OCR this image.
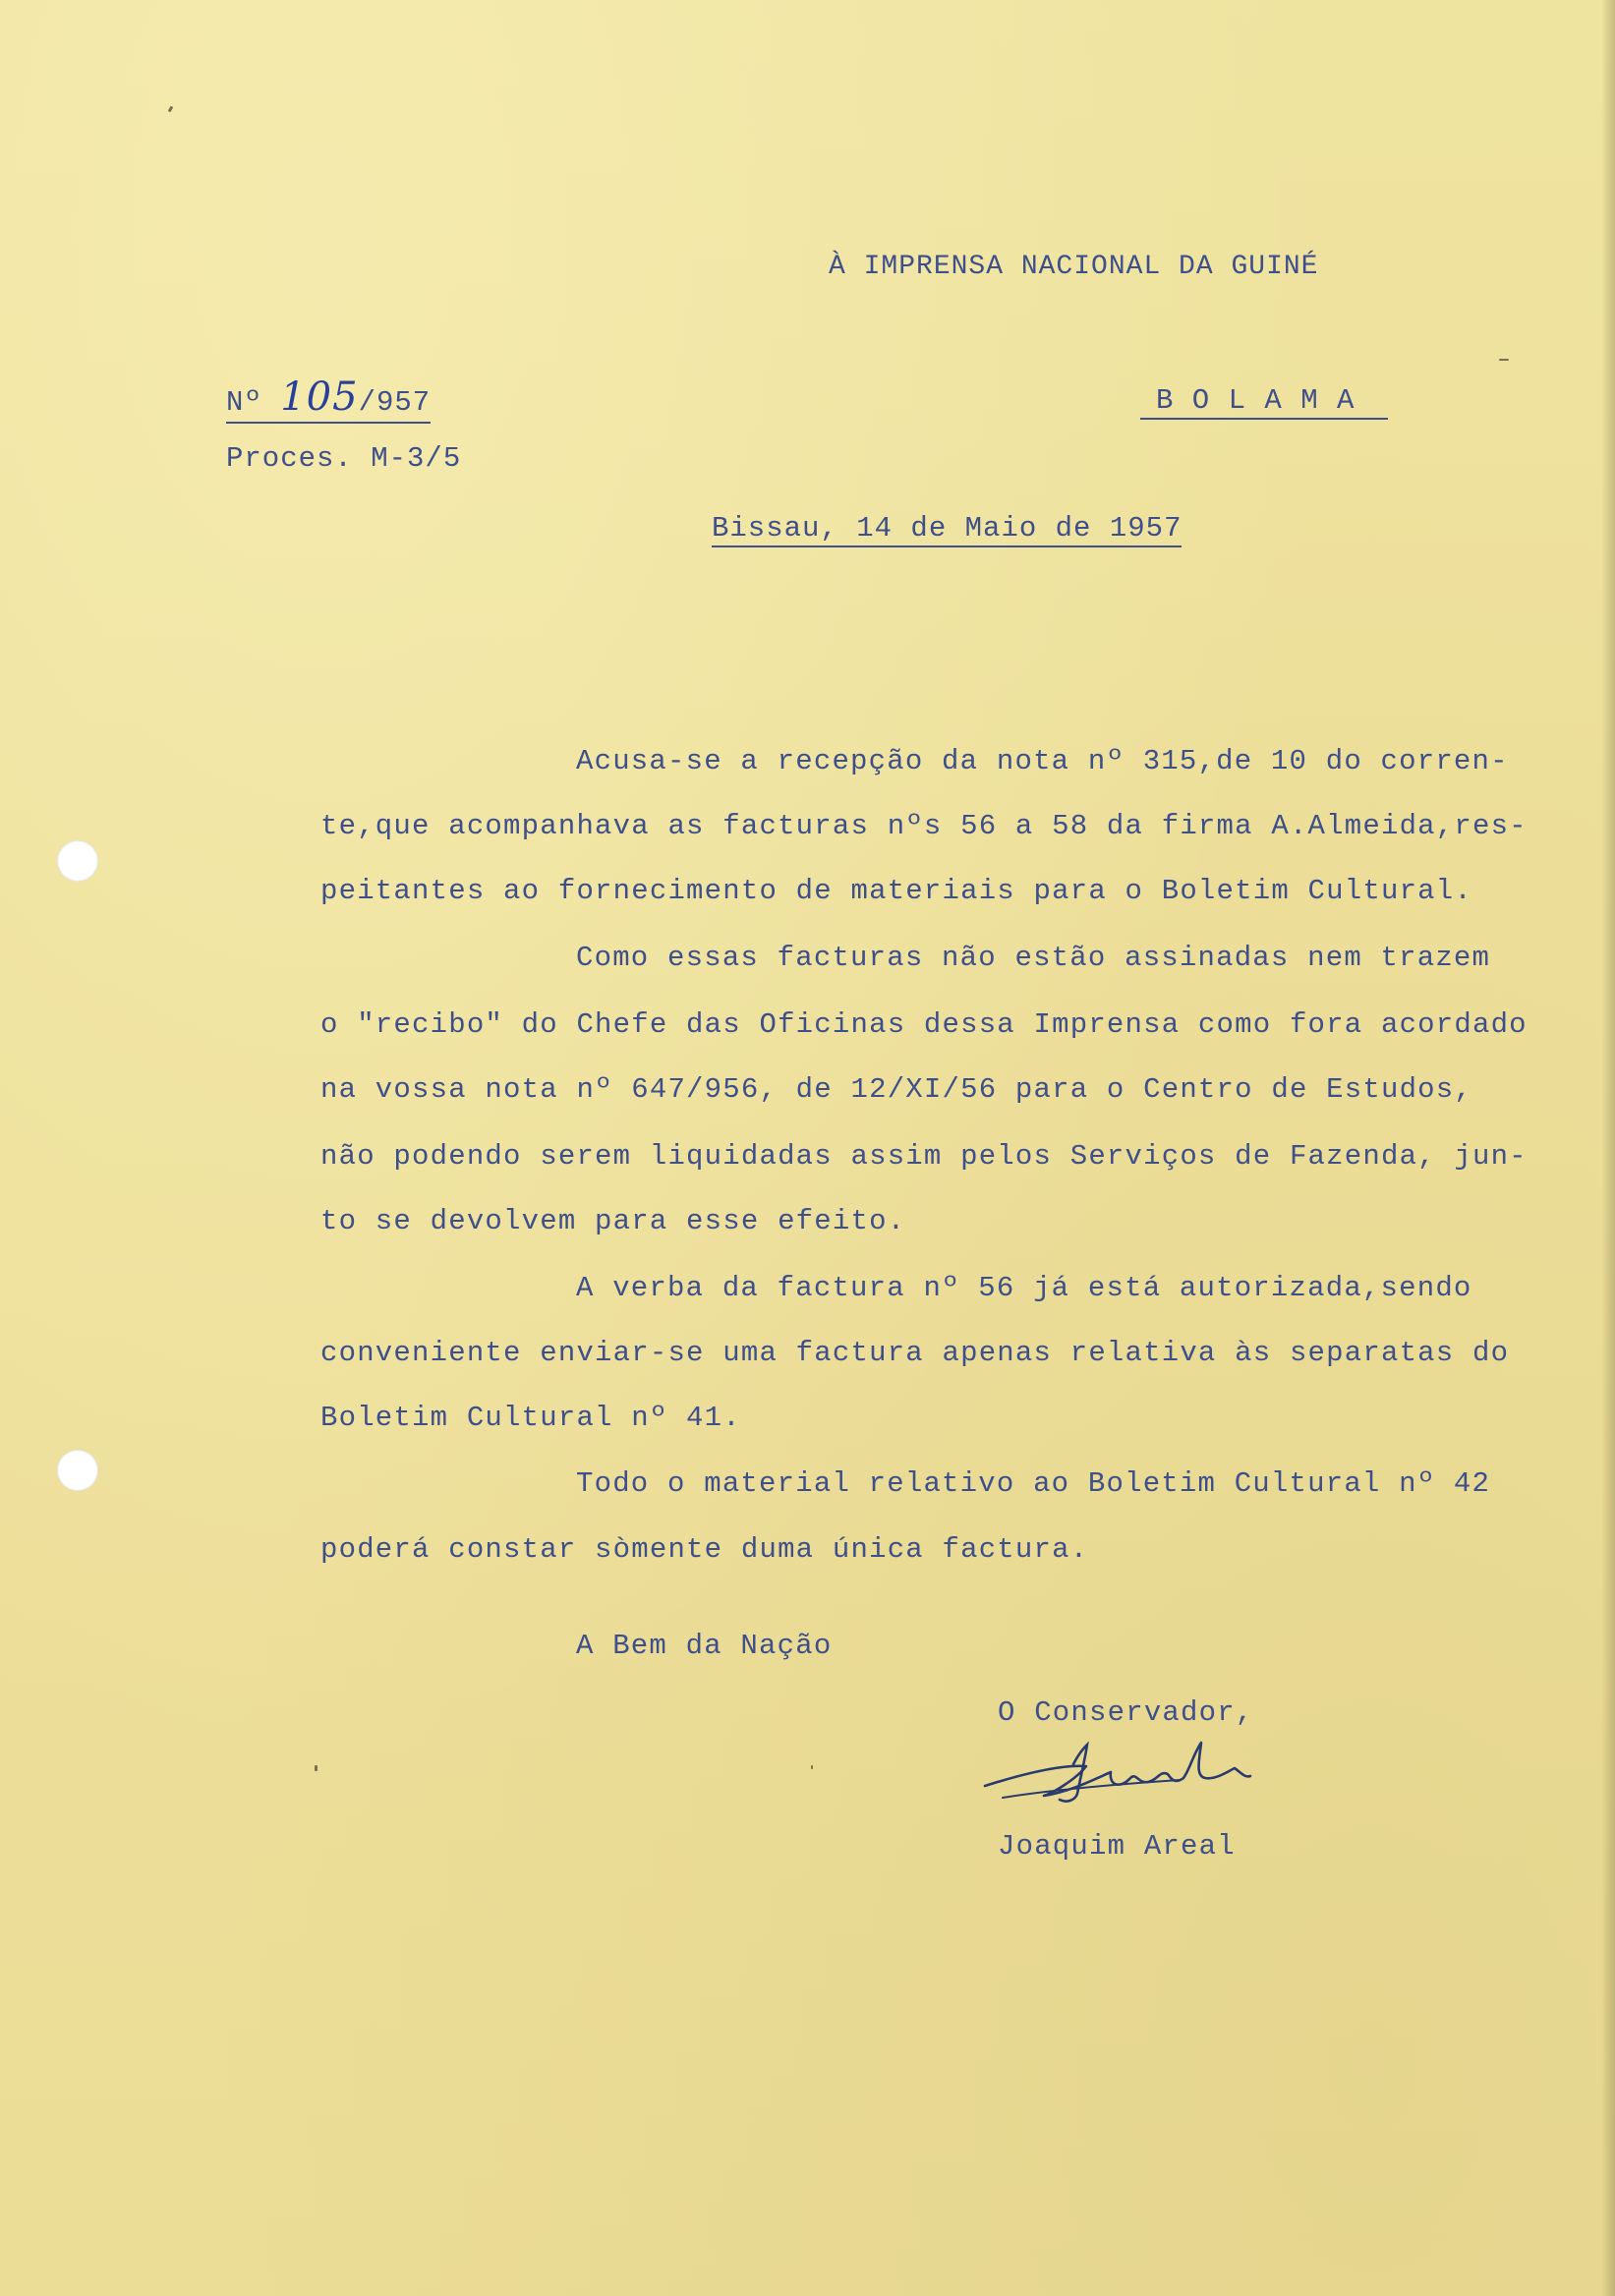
À IMPRENSA NACIONAL DA GUINÉ
Nº 105/957	B O L A M A
Proces. M-3/5
Bissau, 14 de Maio de 1957
Acusa-se a recepção da nota nº 315,de 10 do corren-
te,que acompanhava as facturas nºs 56 a 58 da firma A.Almeida,res-
peitantes ao fornecimento de materiais para o Boletim Cultural.
Como essas facturas não estão assinadas nem trazem
o "recibo" do Chefe das Oficinas dessa Imprensa como fora acordado
na vossa nota nº 647/956, de 12/XI/56 para o Centro de Estudos,
não podendo serem liquidadas assim pelos Serviços de Fazenda, jun-
to se devolvem para esse efeito.
A verba da factura nº 56 já está autorizada,sendo
conveniente enviar-se uma factura apenas relativa às separatas do
Boletim Cultural nº 41.
Todo o material relativo ao Boletim Cultural nº 42
poderá constar sòmente duma única factura.
A Bem da Nação
O Conservador,
Joaquim Areal
